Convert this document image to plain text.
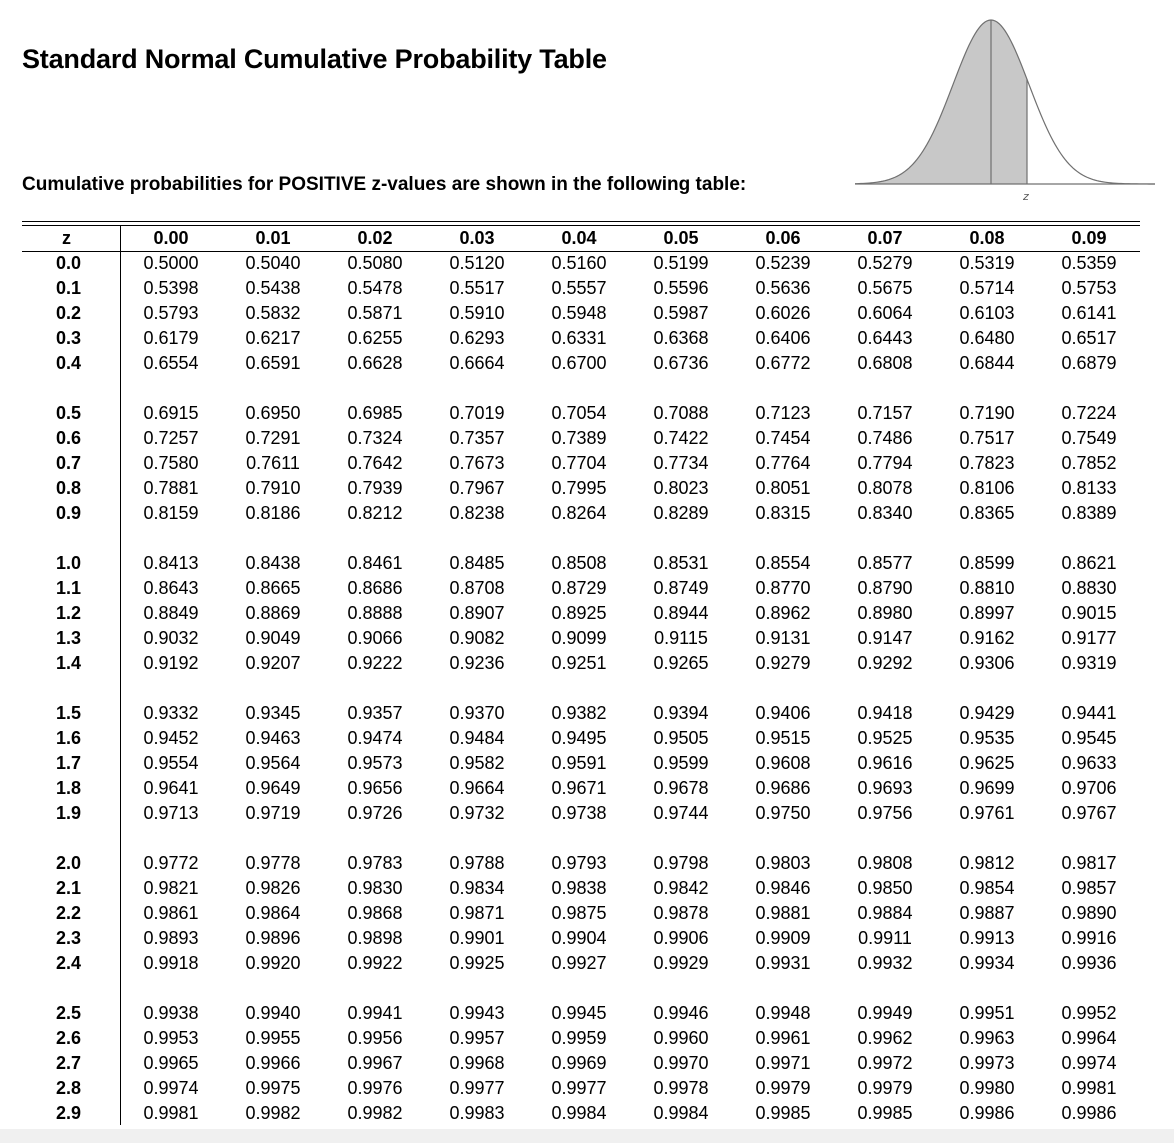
Standard Normal Cumulative Probability Table
Cumulative probabilities for POSITIVE z-values are shown in the following table:
z
z	0.00	0.01	0.02	0.03	0.04	0.05	0.06	0.07	0.08	0.09
0.0	0.5000	0.5040	0.5080	0.5120	0.5160	0.5199	0.5239	0.5279	0.5319	0.5359
0.1	0.5398	0.5438	0.5478	0.5517	0.5557	0.5596	0.5636	0.5675	0.5714	0.5753
0.2	0.5793	0.5832	0.5871	0.5910	0.5948	0.5987	0.6026	0.6064	0.6103	0.6141
0.3	0.6179	0.6217	0.6255	0.6293	0.6331	0.6368	0.6406	0.6443	0.6480	0.6517
0.4	0.6554	0.6591	0.6628	0.6664	0.6700	0.6736	0.6772	0.6808	0.6844	0.6879

0.5	0.6915	0.6950	0.6985	0.7019	0.7054	0.7088	0.7123	0.7157	0.7190	0.7224
0.6	0.7257	0.7291	0.7324	0.7357	0.7389	0.7422	0.7454	0.7486	0.7517	0.7549
0.7	0.7580	0.7611	0.7642	0.7673	0.7704	0.7734	0.7764	0.7794	0.7823	0.7852
0.8	0.7881	0.7910	0.7939	0.7967	0.7995	0.8023	0.8051	0.8078	0.8106	0.8133
0.9	0.8159	0.8186	0.8212	0.8238	0.8264	0.8289	0.8315	0.8340	0.8365	0.8389

1.0	0.8413	0.8438	0.8461	0.8485	0.8508	0.8531	0.8554	0.8577	0.8599	0.8621
1.1	0.8643	0.8665	0.8686	0.8708	0.8729	0.8749	0.8770	0.8790	0.8810	0.8830
1.2	0.8849	0.8869	0.8888	0.8907	0.8925	0.8944	0.8962	0.8980	0.8997	0.9015
1.3	0.9032	0.9049	0.9066	0.9082	0.9099	0.9115	0.9131	0.9147	0.9162	0.9177
1.4	0.9192	0.9207	0.9222	0.9236	0.9251	0.9265	0.9279	0.9292	0.9306	0.9319

1.5	0.9332	0.9345	0.9357	0.9370	0.9382	0.9394	0.9406	0.9418	0.9429	0.9441
1.6	0.9452	0.9463	0.9474	0.9484	0.9495	0.9505	0.9515	0.9525	0.9535	0.9545
1.7	0.9554	0.9564	0.9573	0.9582	0.9591	0.9599	0.9608	0.9616	0.9625	0.9633
1.8	0.9641	0.9649	0.9656	0.9664	0.9671	0.9678	0.9686	0.9693	0.9699	0.9706
1.9	0.9713	0.9719	0.9726	0.9732	0.9738	0.9744	0.9750	0.9756	0.9761	0.9767

2.0	0.9772	0.9778	0.9783	0.9788	0.9793	0.9798	0.9803	0.9808	0.9812	0.9817
2.1	0.9821	0.9826	0.9830	0.9834	0.9838	0.9842	0.9846	0.9850	0.9854	0.9857
2.2	0.9861	0.9864	0.9868	0.9871	0.9875	0.9878	0.9881	0.9884	0.9887	0.9890
2.3	0.9893	0.9896	0.9898	0.9901	0.9904	0.9906	0.9909	0.9911	0.9913	0.9916
2.4	0.9918	0.9920	0.9922	0.9925	0.9927	0.9929	0.9931	0.9932	0.9934	0.9936

2.5	0.9938	0.9940	0.9941	0.9943	0.9945	0.9946	0.9948	0.9949	0.9951	0.9952
2.6	0.9953	0.9955	0.9956	0.9957	0.9959	0.9960	0.9961	0.9962	0.9963	0.9964
2.7	0.9965	0.9966	0.9967	0.9968	0.9969	0.9970	0.9971	0.9972	0.9973	0.9974
2.8	0.9974	0.9975	0.9976	0.9977	0.9977	0.9978	0.9979	0.9979	0.9980	0.9981
2.9	0.9981	0.9982	0.9982	0.9983	0.9984	0.9984	0.9985	0.9985	0.9986	0.9986
